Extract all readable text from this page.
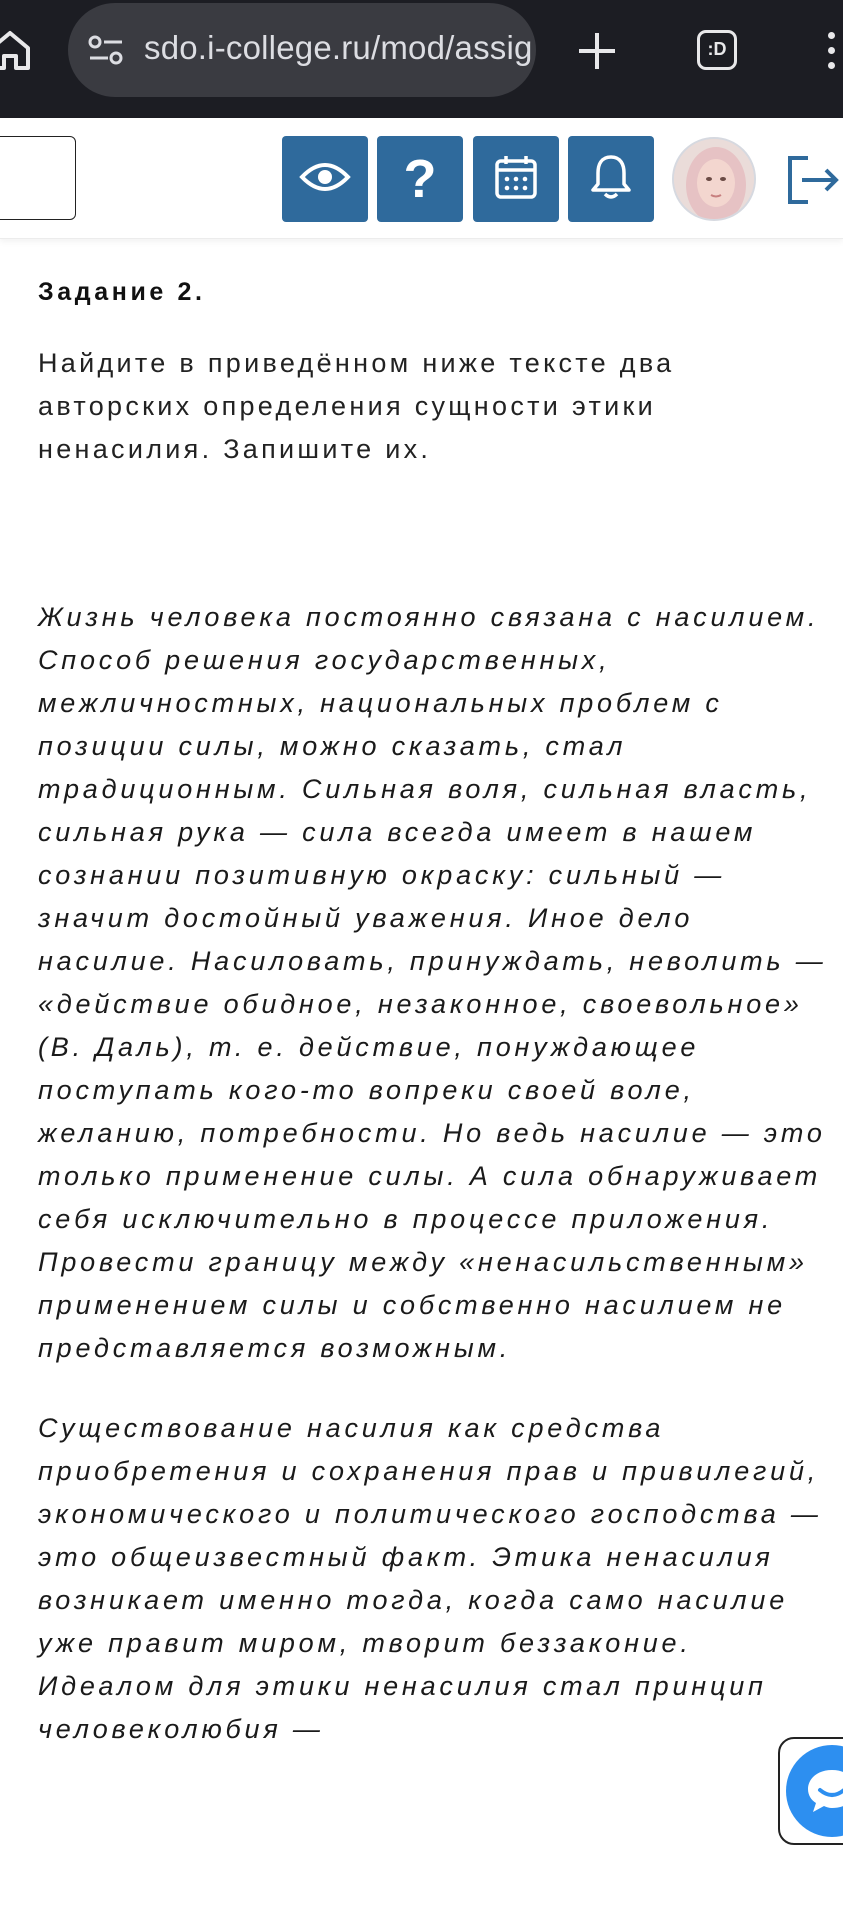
sdo.i-college.ru/mod/assig	:D
?

Задание 2.

Найдите в приведённом ниже тексте два авторских определения сущности этики ненасилия. Запишите их.

Жизнь человека постоянно связана с насилием. Способ решения государственных, межличностных, национальных проблем с позиции силы, можно сказать, стал традиционным. Сильная воля, сильная власть, сильная рука — сила всегда имеет в нашем сознании позитивную окраску: сильный — значит достойный уважения. Иное дело насилие. Насиловать, принуждать, неволить — «действие обидное, незаконное, своевольное» (В. Даль), т. е. действие, понуждающее поступать кого-то вопреки своей воле, желанию, потребности. Но ведь насилие — это только применение силы. А сила обнаруживает себя исключительно в процессе приложения. Провести границу между «ненасильственным» применением силы и собственно насилием не представляется возможным.

Существование насилия как средства приобретения и сохранения прав и привилегий, экономического и политического господства — это общеизвестный факт. Этика ненасилия возникает именно тогда, когда само насилие уже правит миром, творит беззаконие. Идеалом для этики ненасилия стал принцип человеколюбия —
